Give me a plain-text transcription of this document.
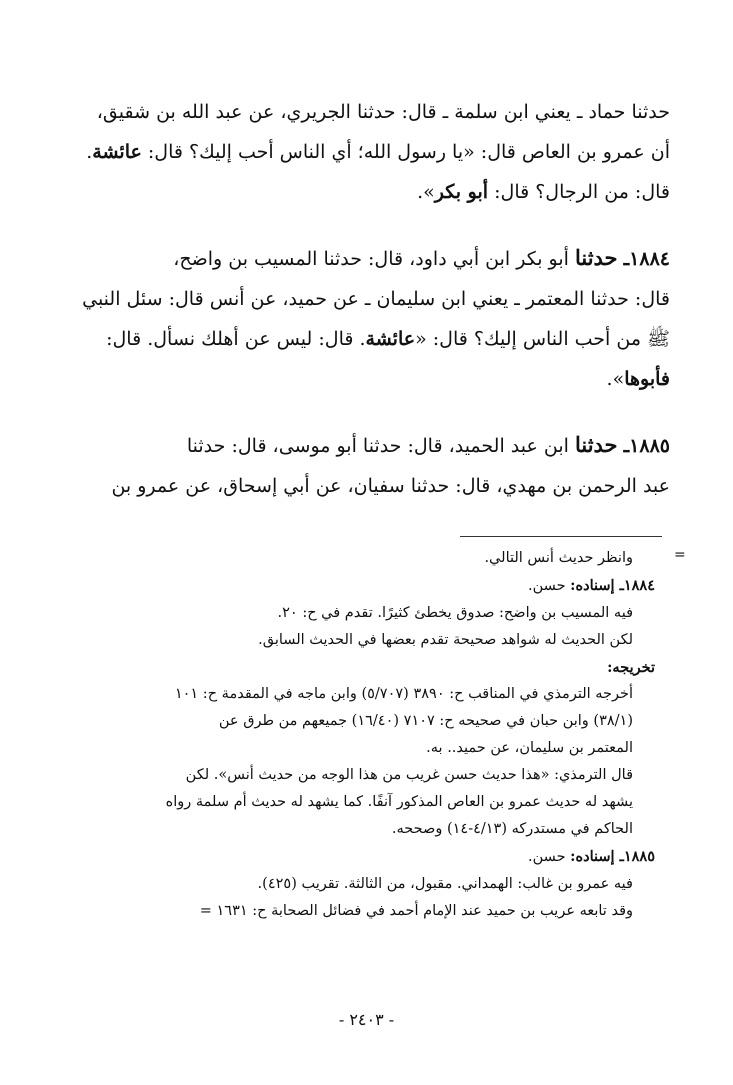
حدثنا حماد ـ يعني ابن سلمة ـ قال: حدثنا الجريري، عن عبد الله بن شقيق،
أن عمرو بن العاص قال: «يا رسول الله؛ أي الناس أحب إليك؟ قال: عائشة.
قال: من الرجال؟ قال: أبو بكر».

١٨٨٤ـ حدثنا أبو بكر ابن أبي داود، قال: حدثنا المسيب بن واضح،
قال: حدثنا المعتمر ـ يعني ابن سليمان ـ عن حميد، عن أنس قال: سئل النبي
ﷺ من أحب الناس إليك؟ قال: «عائشة. قال: ليس عن أهلك نسأل. قال:
فأبوها».

١٨٨٥ـ حدثنا ابن عبد الحميد، قال: حدثنا أبو موسى، قال: حدثنا
عبد الرحمن بن مهدي، قال: حدثنا سفيان، عن أبي إسحاق، عن عمرو بن

=

وانظر حديث أنس التالي.

١٨٨٤ـ إسناده: حسن.

فيه المسيب بن واضح: صدوق يخطئ كثيرًا. تقدم في ح: ٢٠.

لكن الحديث له شواهد صحيحة تقدم بعضها في الحديث السابق.

تخريجه:

أخرجه الترمذي في المناقب ح: ٣٨٩٠ (٥/٧٠٧) وابن ماجه في المقدمة ح: ١٠١

(٣٨/١) وابن حبان في صحيحه ح: ٧١٠٧ (١٦/٤٠) جميعهم من طرق عن

المعتمر بن سليمان، عن حميد.. به.

قال الترمذي: «هذا حديث حسن غريب من هذا الوجه من حديث أنس». لكن

يشهد له حديث عمرو بن العاص المذكور آنفًا. كما يشهد له حديث أم سلمة رواه

الحاكم في مستدركه (٤/١٣-١٤) وصححه.

١٨٨٥ـ إسناده: حسن.

فيه عمرو بن غالب: الهمداني. مقبول، من الثالثة. تقريب (٤٢٥).

وقد تابعه عريب بن حميد عند الإمام أحمد في فضائل الصحابة ح: ١٦٣١ =

- ٢٤٠٣ -
